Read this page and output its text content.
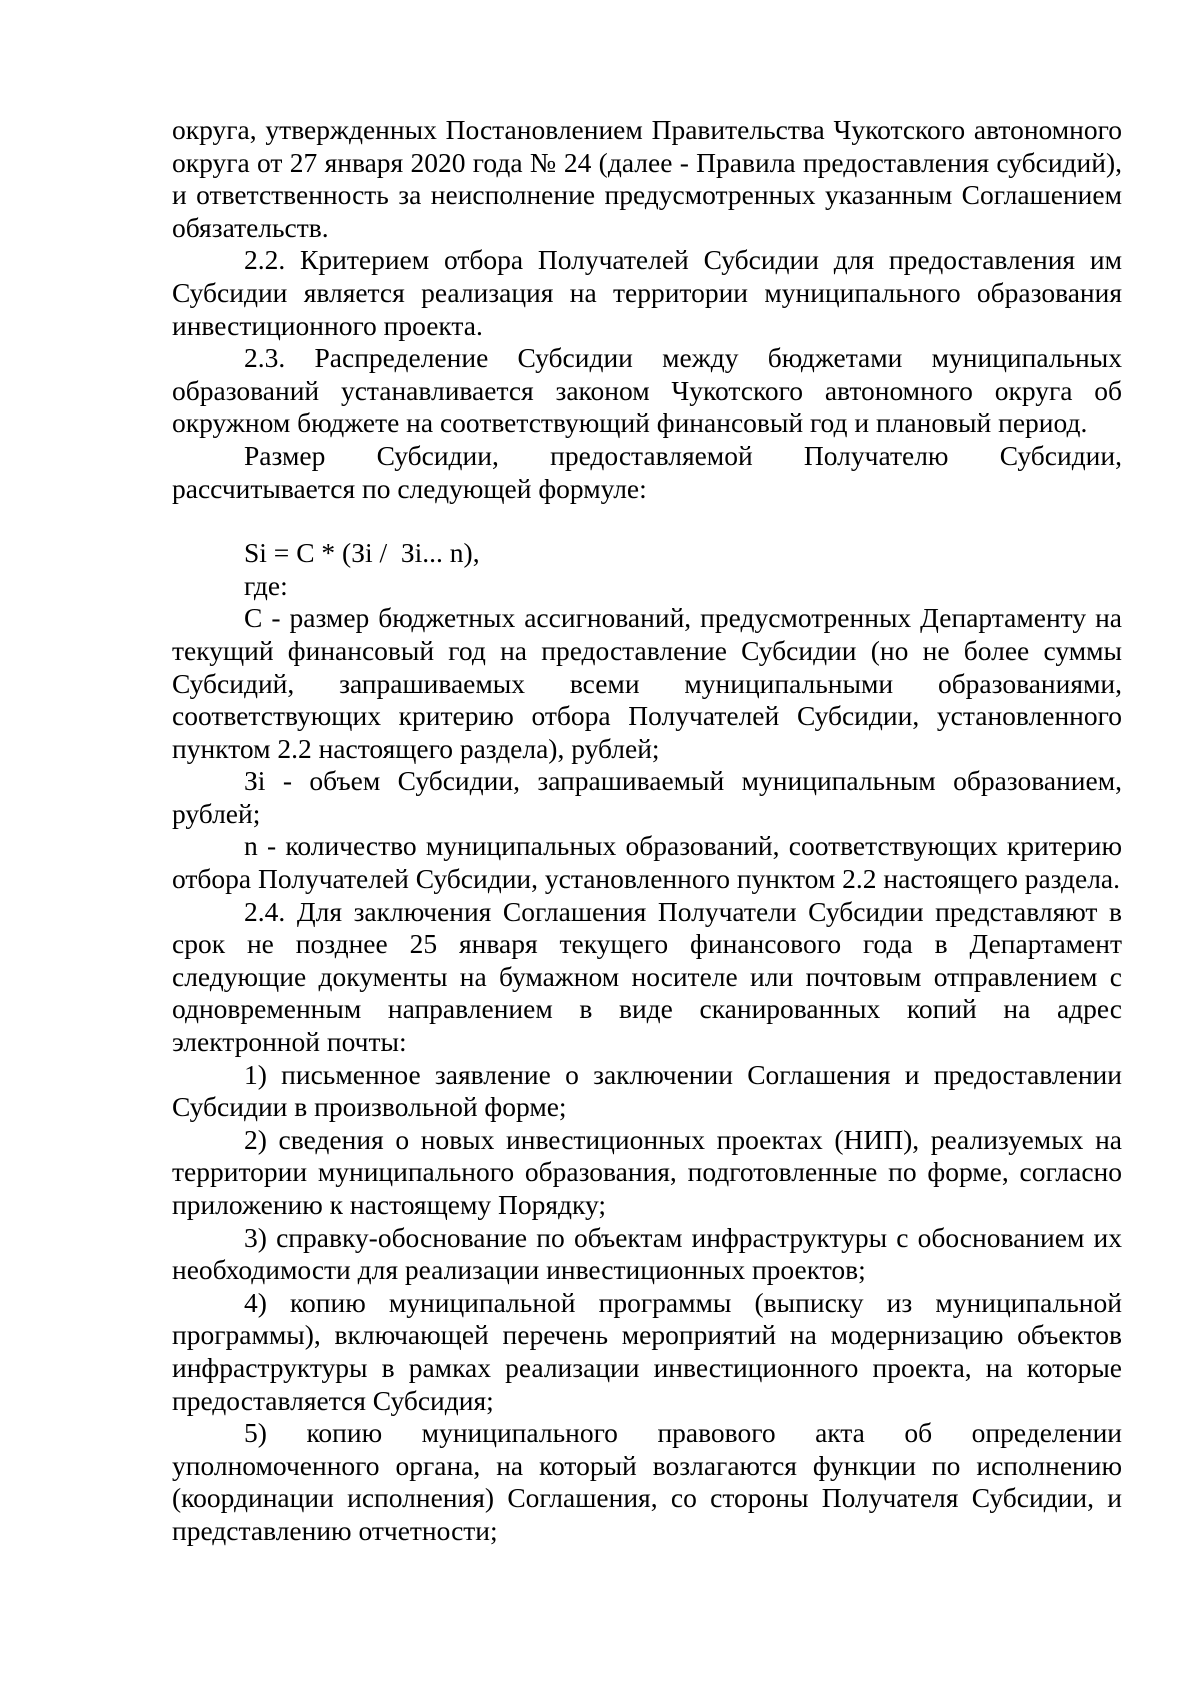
округа, утвержденных Постановлением Правительства Чукотского автономного округа от 27 января 2020 года № 24 (далее - Правила предоставления субсидий), и ответственность за неисполнение предусмотренных указанным Соглашением обязательств.

2.2. Критерием отбора Получателей Субсидии для предоставления им Субсидии является реализация на территории муниципального образования инвестиционного проекта.

2.3. Распределение Субсидии между бюджетами муниципальных образований устанавливается законом Чукотского автономного округа об окружном бюджете на соответствующий финансовый год и плановый период.

Размер Субсидии, предоставляемой Получателю Субсидии, рассчитывается по следующей формуле:

Si = С * (Зi /  Зi... n),

где:

С - размер бюджетных ассигнований, предусмотренных Департаменту на текущий финансовый год на предоставление Субсидии (но не более суммы Субсидий, запрашиваемых всеми муниципальными образованиями, соответствующих критерию отбора Получателей Субсидии, установленного пунктом 2.2 настоящего раздела), рублей;

Зi - объем Субсидии, запрашиваемый муниципальным образованием, рублей;

n - количество муниципальных образований, соответствующих критерию отбора Получателей Субсидии, установленного пунктом 2.2 настоящего раздела.

2.4. Для заключения Соглашения Получатели Субсидии представляют в срок не позднее 25 января текущего финансового года в Департамент следующие документы на бумажном носителе или почтовым отправлением с одновременным направлением в виде сканированных копий на адрес электронной почты:

1) письменное заявление о заключении Соглашения и предоставлении Субсидии в произвольной форме;

2) сведения о новых инвестиционных проектах (НИП), реализуемых на территории муниципального образования, подготовленные по форме, согласно приложению к настоящему Порядку;

3) справку-обоснование по объектам инфраструктуры с обоснованием их необходимости для реализации инвестиционных проектов;

4) копию муниципальной программы (выписку из муниципальной программы), включающей перечень мероприятий на модернизацию объектов инфраструктуры в рамках реализации инвестиционного проекта, на которые предоставляется Субсидия;

5) копию муниципального правового акта об определении уполномоченного органа, на который возлагаются функции по исполнению (координации исполнения) Соглашения, со стороны Получателя Субсидии, и представлению отчетности;
